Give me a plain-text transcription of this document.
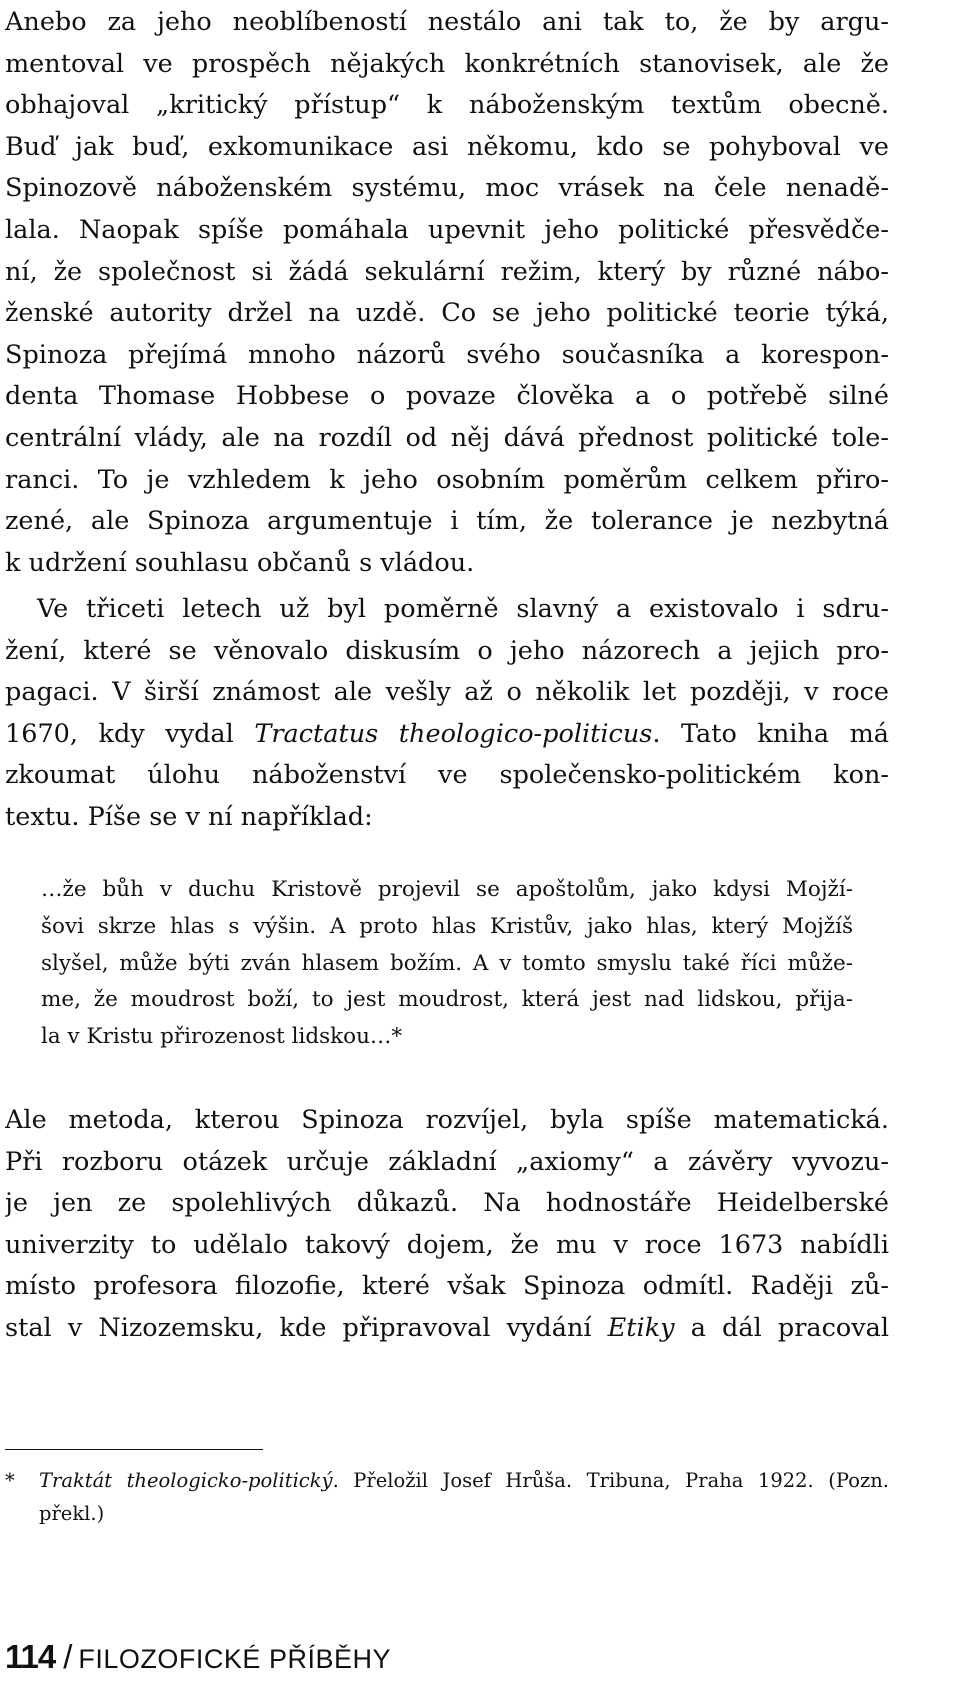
Anebo za jeho neoblíbeností nestálo ani tak to, že by argu-
mentoval ve prospěch nějakých konkrétních stanovisek, ale že
obhajoval „kritický přístup“ k náboženským textům obecně.
Buď jak buď, exkomunikace asi někomu, kdo se pohyboval ve
Spinozově náboženském systému, moc vrásek na čele nenadě-
lala. Naopak spíše pomáhala upevnit jeho politické přesvědče-
ní, že společnost si žádá sekulární režim, který by různé nábo-
ženské autority držel na uzdě. Co se jeho politické teorie týká,
Spinoza přejímá mnoho názorů svého současníka a korespon-
denta Thomase Hobbese o povaze člověka a o potřebě silné
centrální vlády, ale na rozdíl od něj dává přednost politické tole-
ranci. To je vzhledem k jeho osobním poměrům celkem přiro-
zené, ale Spinoza argumentuje i tím, že tolerance je nezbytná
k udržení souhlasu občanů s vládou.
Ve třiceti letech už byl poměrně slavný a existovalo i sdru-
žení, které se věnovalo diskusím o jeho názorech a jejich pro-
pagaci. V širší známost ale vešly až o několik let později, v roce
1670, kdy vydal Tractatus theologico-politicus. Tato kniha má
zkoumat úlohu náboženství ve společensko-politickém kon-
textu. Píše se v ní například:
…že bůh v duchu Kristově projevil se apoštolům, jako kdysi Mojží-
šovi skrze hlas s výšin. A proto hlas Kristův, jako hlas, který Mojžíš
slyšel, může býti zván hlasem božím. A v tomto smyslu také říci může-
me, že moudrost boží, to jest moudrost, která jest nad lidskou, přija-
la v Kristu přirozenost lidskou…*
Ale metoda, kterou Spinoza rozvíjel, byla spíše matematická.
Při rozboru otázek určuje základní „axiomy“ a závěry vyvozu-
je jen ze spolehlivých důkazů. Na hodnostáře Heidelberské
univerzity to udělalo takový dojem, že mu v roce 1673 nabídli
místo profesora filozofie, které však Spinoza odmítl. Raději zů-
stal v Nizozemsku, kde připravoval vydání Etiky a dál pracoval
* Traktát theologicko-politický. Přeložil Josef Hrůša. Tribuna, Praha 1922. (Pozn.
překl.)
114 / FILOZOFICKÉ PŘÍBĚHY
